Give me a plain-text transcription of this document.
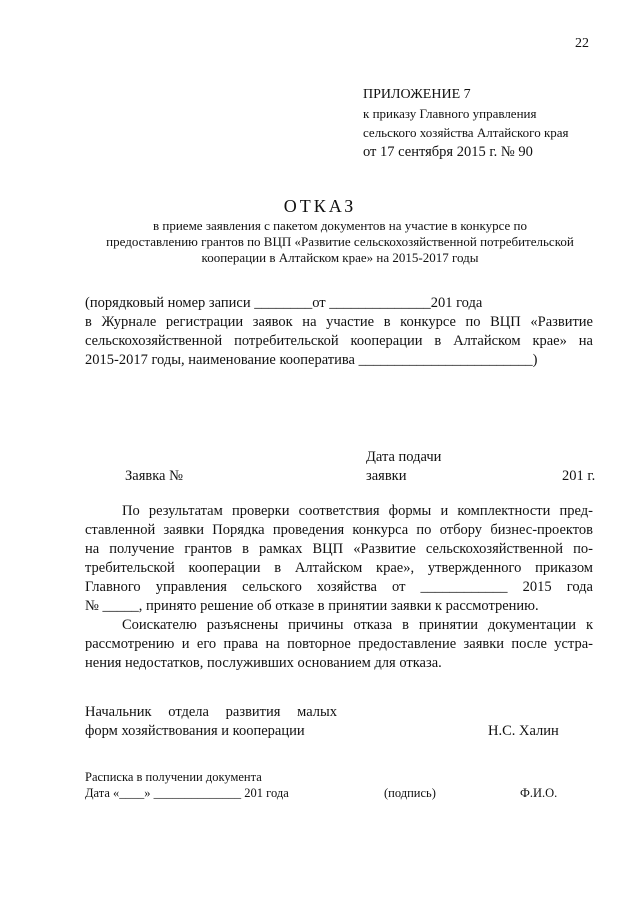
22
ПРИЛОЖЕНИЕ 7
к приказу Главного управления
сельского хозяйства Алтайского края
от 17 сентября 2015 г. № 90
ОТКАЗ
в приеме заявления с пакетом документов на участие в конкурсе по
предоставлению грантов по ВЦП «Развитие сельскохозяйственной потребительской
кооперации в Алтайском крае» на 2015-2017 годы
(порядковый номер записи ________от ______________201 года
в Журнале регистрации заявок на участие в конкурсе по ВЦП «Развитие
сельскохозяйственной потребительской кооперации в Алтайском крае» на
2015-2017 годы, наименование кооператива ________________________)
Дата подачи
Заявка №	заявки	201 г.
По результатам проверки соответствия формы и комплектности пред-
ставленной заявки Порядка проведения конкурса по отбору бизнес-проектов
на получение грантов в рамках ВЦП «Развитие сельскохозяйственной по-
требительской кооперации в Алтайском крае», утвержденного приказом
Главного управления сельского хозяйства от ____________ 2015 года
№ _____, принято решение об отказе в принятии заявки к рассмотрению.
Соискателю разъяснены причины отказа в принятии документации к
рассмотрению и его права на повторное предоставление заявки после устра-
нения недостатков, послуживших основанием для отказа.
Начальник отдела развития малых
форм хозяйствования и кооперации	Н.С. Халин
Расписка в получении документа
Дата «____» ______________ 201 года	(подпись)	Ф.И.О.
